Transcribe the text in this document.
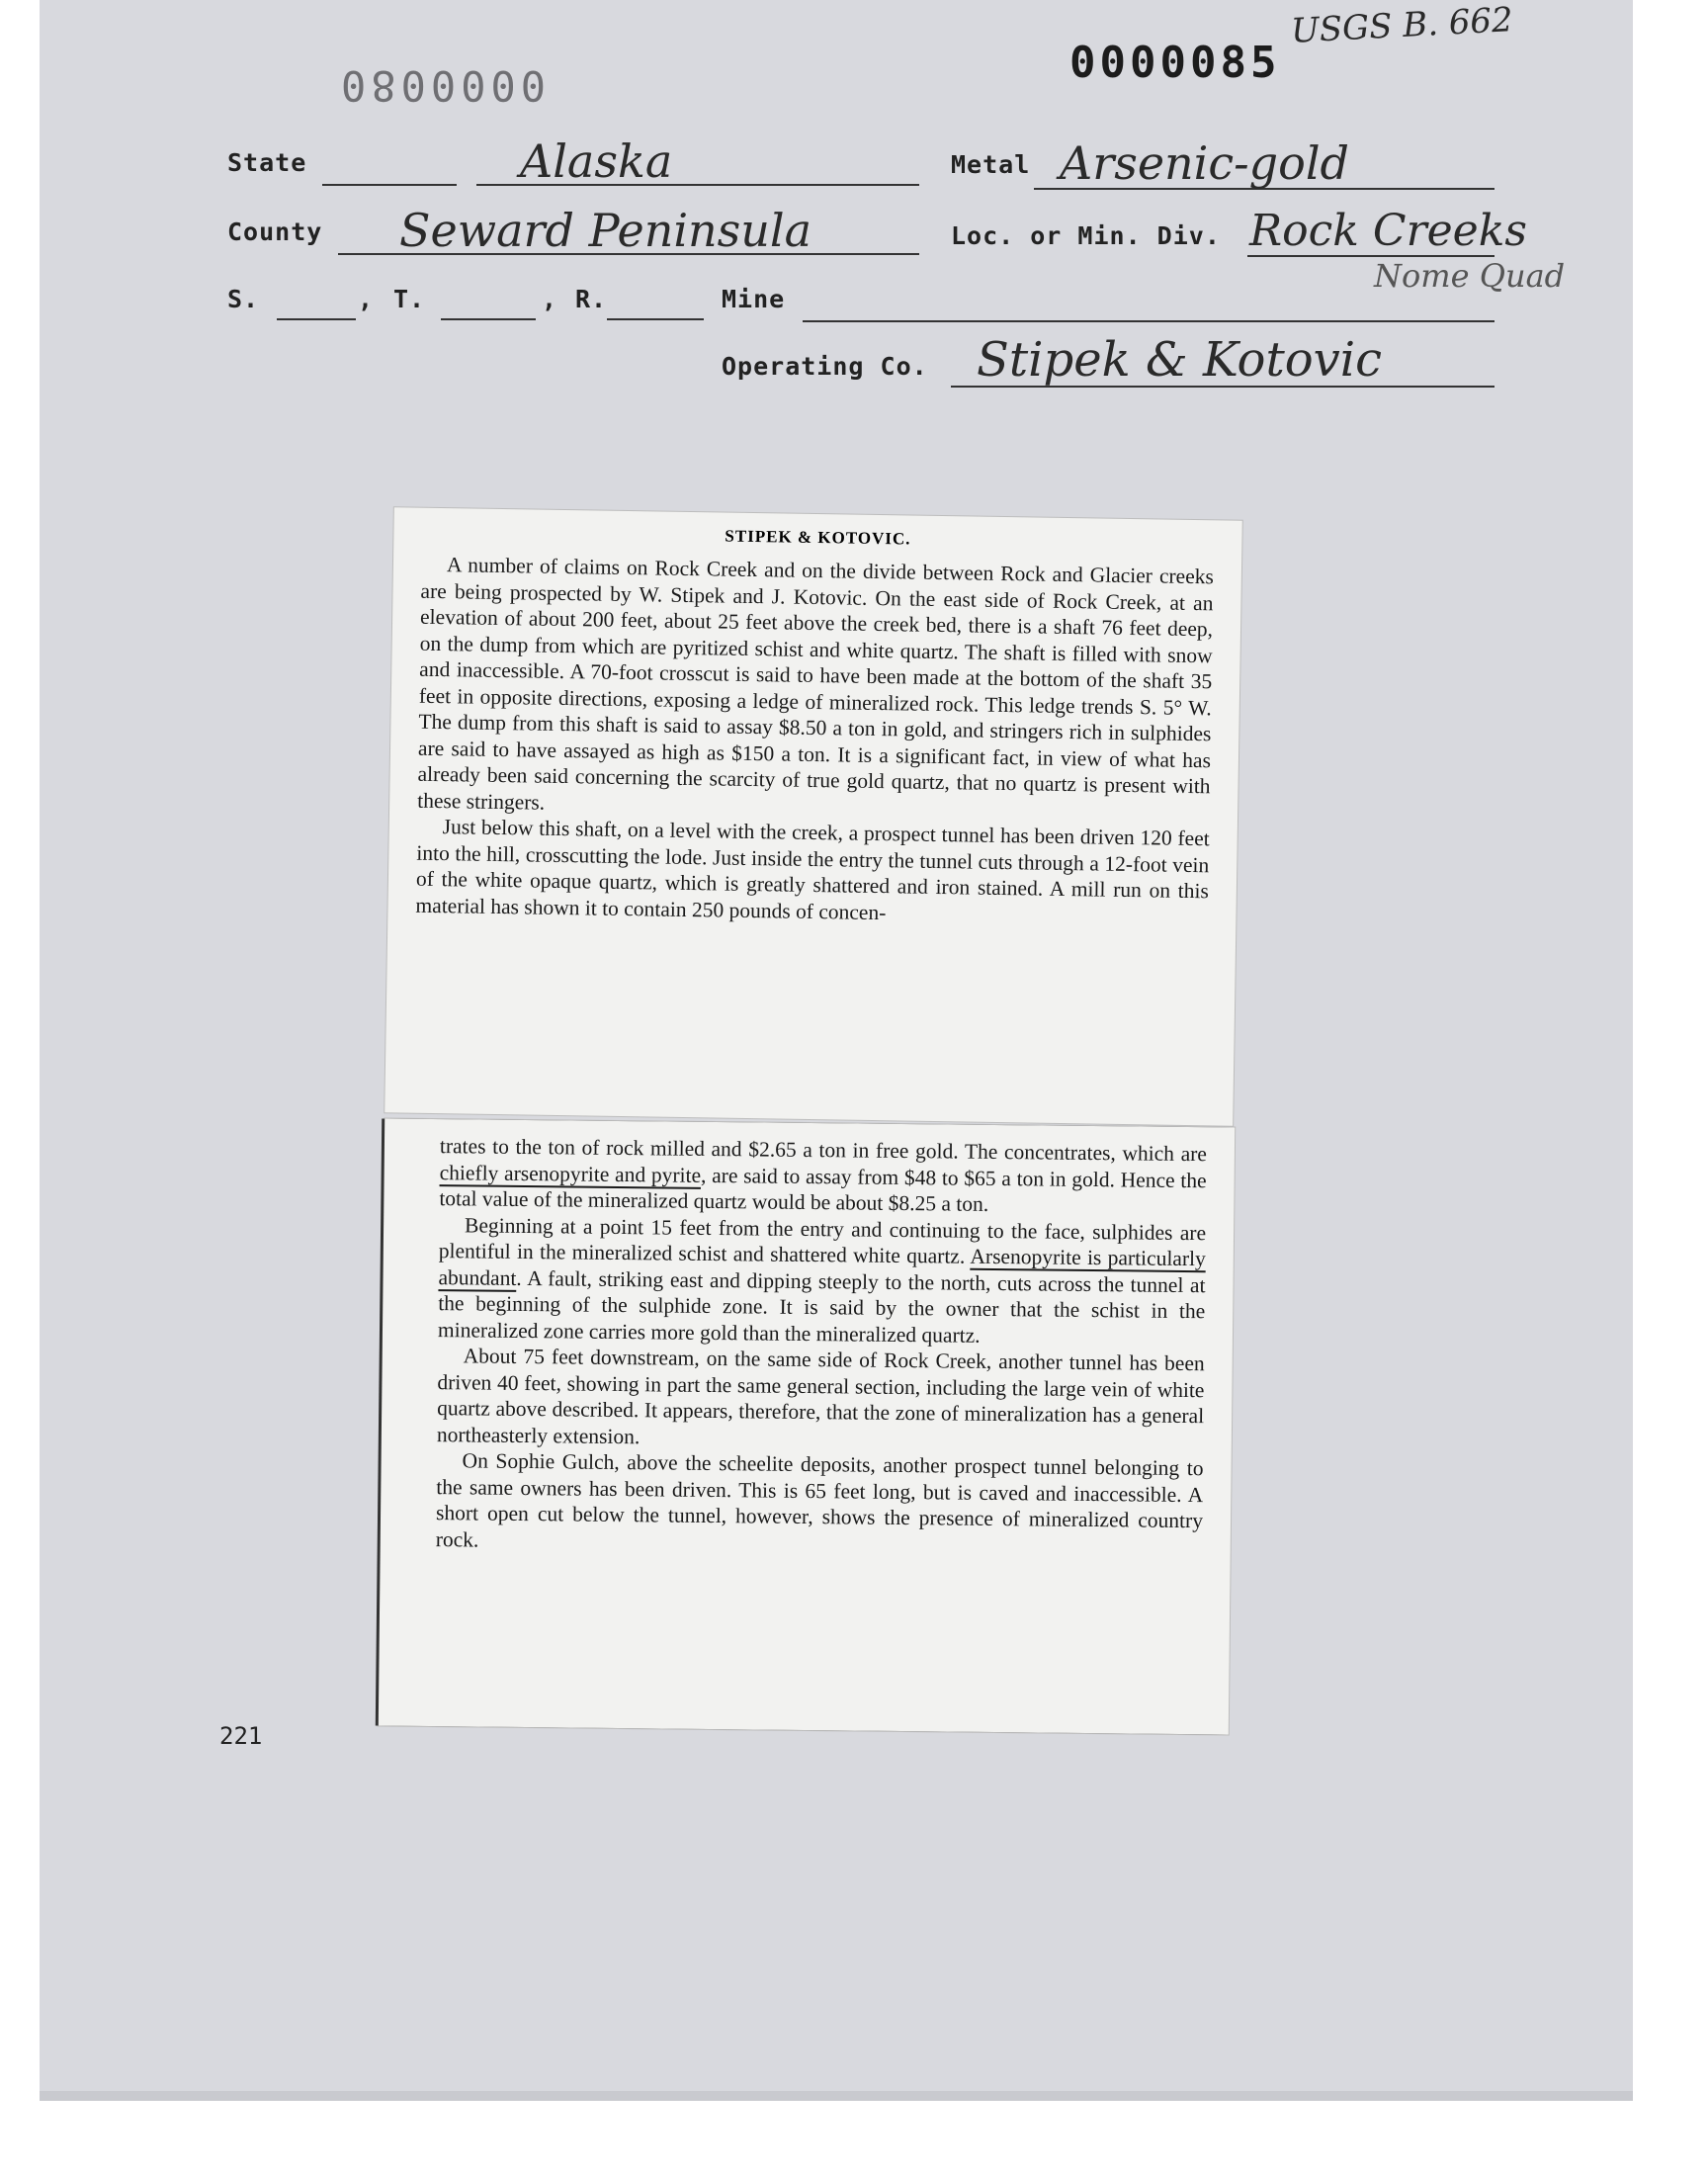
0000085
0000080
USGS B. 662
State	Alaska	Metal Arsenic-gold
County Seward Peninsula	Loc. or Min. Div. Rock Creeks
Nome Quad
S.	, T.	, R.	Mine
Operating Co. Stipek & Kotovic
STIPEK & KOTOVIC.

A number of claims on Rock Creek and on the divide between Rock and Glacier creeks are being prospected by W. Stipek and J. Kotovic. On the east side of Rock Creek, at an elevation of about 200 feet, about 25 feet above the creek bed, there is a shaft 76 feet deep, on the dump from which are pyritized schist and white quartz. The shaft is filled with snow and inaccessible. A 70-foot crosscut is said to have been made at the bottom of the shaft 35 feet in opposite directions, exposing a ledge of mineralized rock. This ledge trends S. 5° W. The dump from this shaft is said to assay $8.50 a ton in gold, and stringers rich in sulphides are said to have assayed as high as $150 a ton. It is a significant fact, in view of what has already been said concerning the scarcity of true gold quartz, that no quartz is present with these stringers.

Just below this shaft, on a level with the creek, a prospect tunnel has been driven 120 feet into the hill, crosscutting the lode. Just inside the entry the tunnel cuts through a 12-foot vein of the white opaque quartz, which is greatly shattered and iron stained. A mill run on this material has shown it to contain 250 pounds of concen-

trates to the ton of rock milled and $2.65 a ton in free gold. The concentrates, which are chiefly arsenopyrite and pyrite, are said to assay from $48 to $65 a ton in gold. Hence the total value of the mineralized quartz would be about $8.25 a ton.

Beginning at a point 15 feet from the entry and continuing to the face, sulphides are plentiful in the mineralized schist and shattered white quartz. Arsenopyrite is particularly abundant. A fault, striking east and dipping steeply to the north, cuts across the tunnel at the beginning of the sulphide zone. It is said by the owner that the schist in the mineralized zone carries more gold than the mineralized quartz.

About 75 feet downstream, on the same side of Rock Creek, another tunnel has been driven 40 feet, showing in part the same general section, including the large vein of white quartz above described. It appears, therefore, that the zone of mineralization has a general northeasterly extension.

On Sophie Gulch, above the scheelite deposits, another prospect tunnel belonging to the same owners has been driven. This is 65 feet long, but is caved and inaccessible. A short open cut below the tunnel, however, shows the presence of mineralized country rock.

221
